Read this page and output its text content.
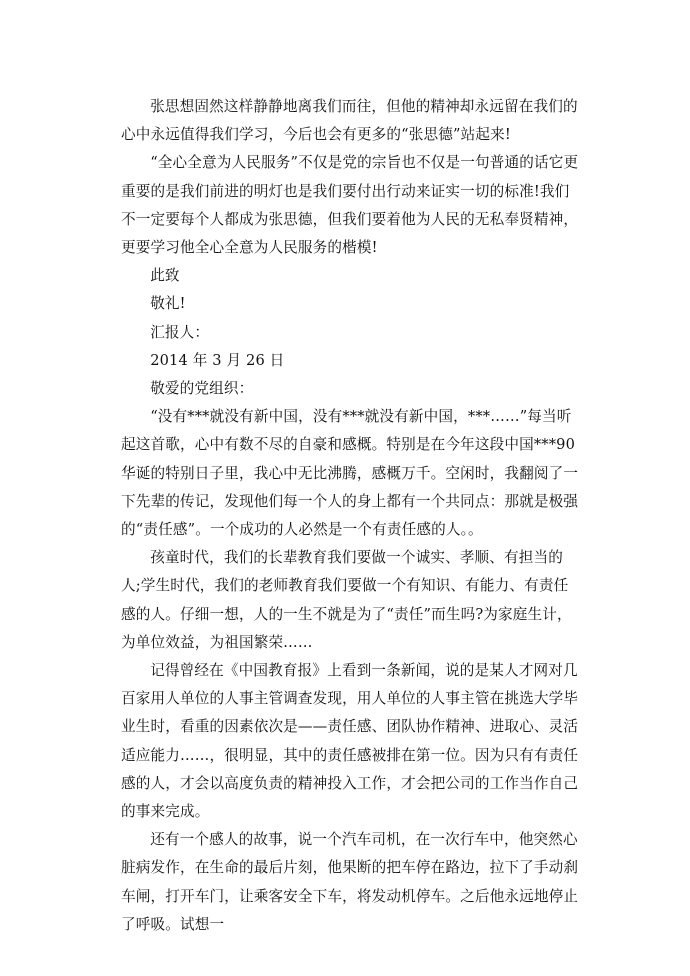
张思想固然这样静静地离我们而往，但他的精神却永远留在我们的心中永远值得我们学习，今后也会有更多的“张思德”站起来!

“全心全意为人民服务”不仅是党的宗旨也不仅是一句普通的话它更重要的是我们前进的明灯也是我们要付出行动来证实一切的标准!我们不一定要每个人都成为张思德，但我们要着他为人民的无私奉贤精神，更要学习他全心全意为人民服务的楷模!

此致

敬礼!

汇报人：

2014 年 3 月 26 日

敬爱的党组织：

“没有***就没有新中国，没有***就没有新中国，***……”每当听起这首歌，心中有数不尽的自豪和感概。特别是在今年这段中国***90 华诞的特别日子里，我心中无比沸腾，感概万千。空闲时，我翻阅了一下先辈的传记，发现他们每一个人的身上都有一个共同点：那就是极强的“责任感”。一个成功的人必然是一个有责任感的人。。

孩童时代，我们的长辈教育我们要做一个诚实、孝顺、有担当的人;学生时代，我们的老师教育我们要做一个有知识、有能力、有责任感的人。仔细一想，人的一生不就是为了“责任”而生吗?为家庭生计，为单位效益，为祖国繁荣……

记得曾经在《中国教育报》上看到一条新闻，说的是某人才网对几百家用人单位的人事主管调查发现，用人单位的人事主管在挑选大学毕业生时，看重的因素依次是——责任感、团队协作精神、进取心、灵活适应能力……，很明显，其中的责任感被排在第一位。因为只有有责任感的人，才会以高度负责的精神投入工作，才会把公司的工作当作自己的事来完成。

还有一个感人的故事，说一个汽车司机，在一次行车中，他突然心脏病发作，在生命的最后片刻，他果断的把车停在路边，拉下了手动刹车闸，打开车门，让乘客安全下车，将发动机停车。之后他永远地停止了呼吸。试想一
